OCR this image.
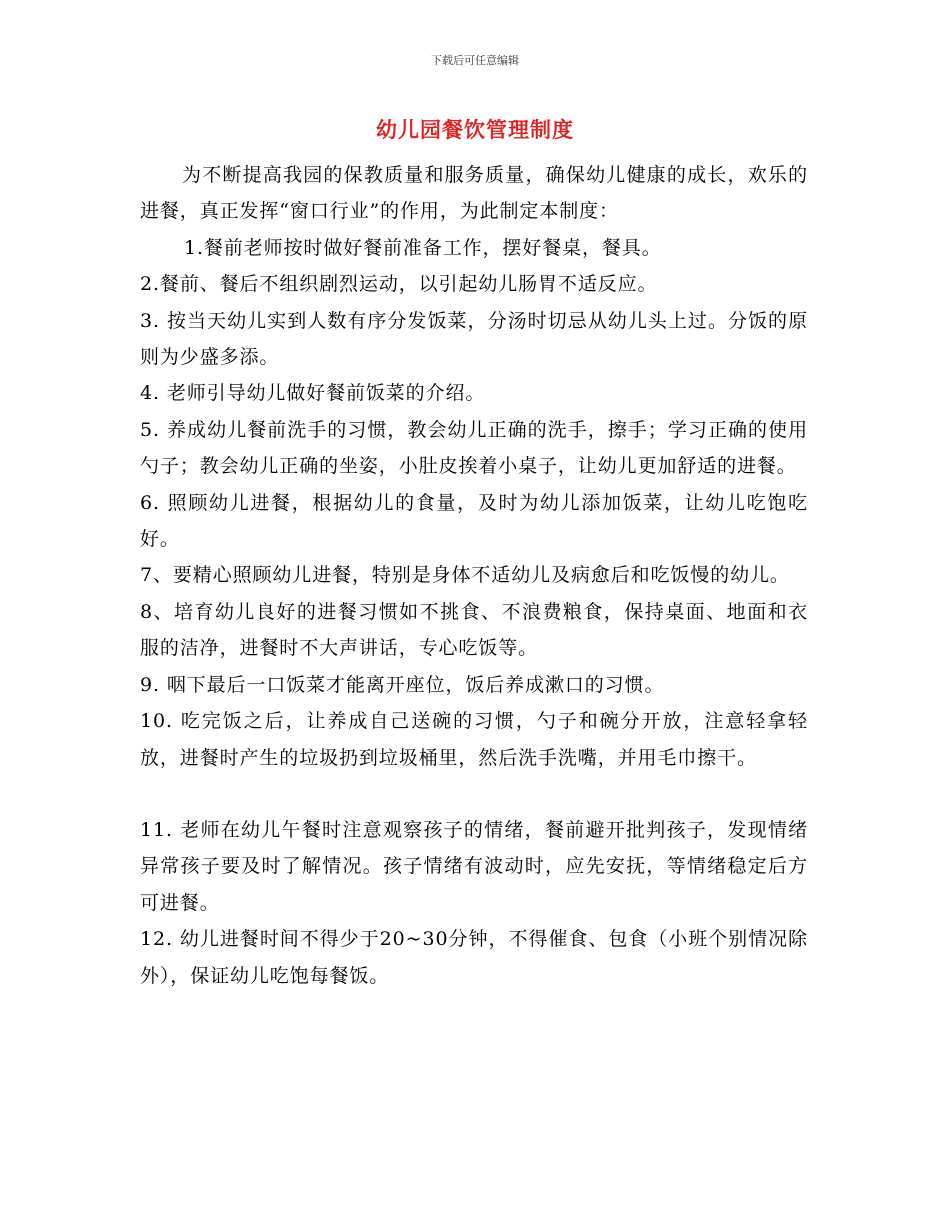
下载后可任意编辑
幼儿园餐饮管理制度

为不断提高我园的保教质量和服务质量，确保幼儿健康的成长，欢乐的进餐，真正发挥“窗口行业”的作用，为此制定本制度：

1.餐前老师按时做好餐前准备工作，摆好餐桌，餐具。

2.餐前、餐后不组织剧烈运动，以引起幼儿肠胃不适反应。

3. 按当天幼儿实到人数有序分发饭菜，分汤时切忌从幼儿头上过。分饭的原则为少盛多添。

4. 老师引导幼儿做好餐前饭菜的介绍。

5. 养成幼儿餐前洗手的习惯，教会幼儿正确的洗手，擦手；学习正确的使用勺子；教会幼儿正确的坐姿，小肚皮挨着小桌子，让幼儿更加舒适的进餐。

6. 照顾幼儿进餐，根据幼儿的食量，及时为幼儿添加饭菜，让幼儿吃饱吃好。

7、要精心照顾幼儿进餐，特别是身体不适幼儿及病愈后和吃饭慢的幼儿。

8、培育幼儿良好的进餐习惯如不挑食、不浪费粮食，保持桌面、地面和衣服的洁净，进餐时不大声讲话，专心吃饭等。

9. 咽下最后一口饭菜才能离开座位，饭后养成漱口的习惯。

10. 吃完饭之后，让养成自己送碗的习惯，勺子和碗分开放，注意轻拿轻放，进餐时产生的垃圾扔到垃圾桶里，然后洗手洗嘴，并用毛巾擦干。

11. 老师在幼儿午餐时注意观察孩子的情绪，餐前避开批判孩子，发现情绪异常孩子要及时了解情况。孩子情绪有波动时，应先安抚，等情绪稳定后方可进餐。

12. 幼儿进餐时间不得少于20~30分钟，不得催食、包食（小班个别情况除外），保证幼儿吃饱每餐饭。
